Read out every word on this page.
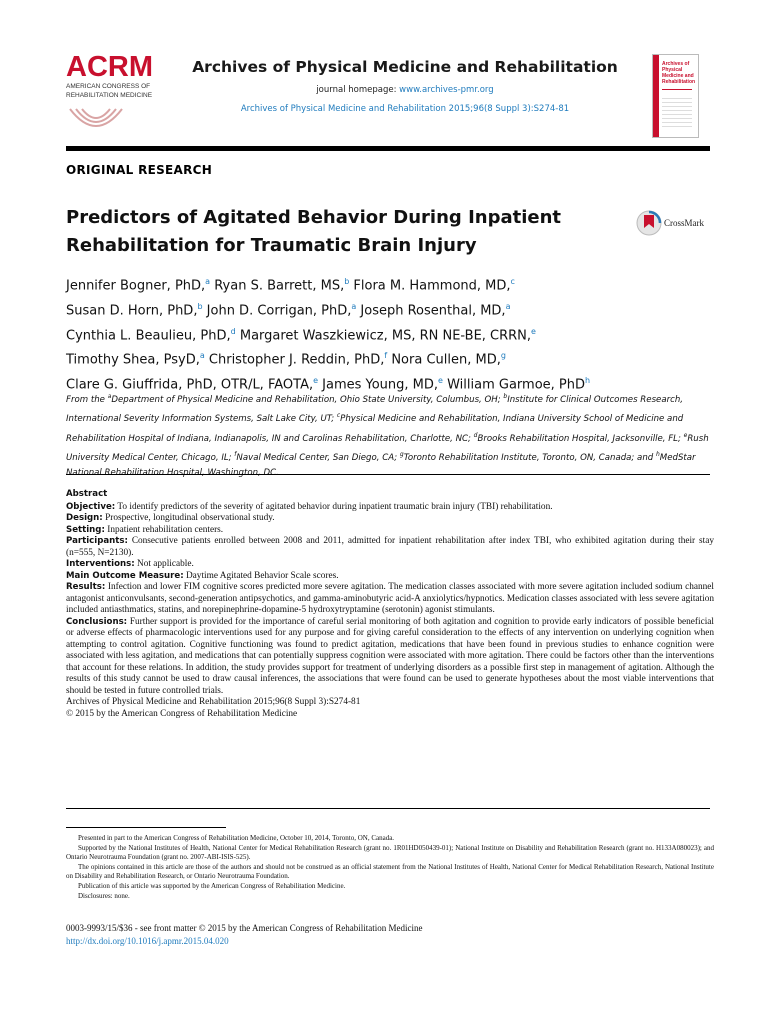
ACRM
AMERICAN CONGRESS OF
REHABILITATION MEDICINE
Archives of Physical Medicine and Rehabilitation
journal homepage: www.archives-pmr.org
Archives of Physical Medicine and Rehabilitation 2015;96(8 Suppl 3):S274-81
Archives of Physical Medicine and Rehabilitation
ORIGINAL RESEARCH
Predictors of Agitated Behavior During Inpatient
Rehabilitation for Traumatic Brain Injury
CrossMark
Jennifer Bogner, PhD,$^a$ Ryan S. Barrett, MS,$^b$ Flora M. Hammond, MD,$^c$
Susan D. Horn, PhD,$^b$ John D. Corrigan, PhD,$^a$ Joseph Rosenthal, MD,$^a$
Cynthia L. Beaulieu, PhD,$^d$ Margaret Waszkiewicz, MS, RN NE-BE, CRRN,$^e$
Timothy Shea, PsyD,$^a$ Christopher J. Reddin, PhD,$^f$ Nora Cullen, MD,$^g$
Clare G. Giuffrida, PhD, OTR/L, FAOTA,$^e$ James Young, MD,$^e$ William Garmoe, PhD$^h$
From the $^a$Department of Physical Medicine and Rehabilitation, Ohio State University, Columbus, OH; $^b$Institute for Clinical Outcomes Research, International Severity Information Systems, Salt Lake City, UT; $^c$Physical Medicine and Rehabilitation, Indiana University School of Medicine and Rehabilitation Hospital of Indiana, Indianapolis, IN and Carolinas Rehabilitation, Charlotte, NC; $^d$Brooks Rehabilitation Hospital, Jacksonville, FL; $^e$Rush University Medical Center, Chicago, IL; $^f$Naval Medical Center, San Diego, CA; $^g$Toronto Rehabilitation Institute, Toronto, ON, Canada; and $^h$MedStar
Abstract

Objective: To identify predictors of the severity of agitated behavior during inpatient traumatic brain injury (TBI) rehabilitation.

Design: Prospective, longitudinal observational study.

Setting: Inpatient rehabilitation centers.

Participants: Consecutive patients enrolled between 2008 and 2011, admitted for inpatient rehabilitation after index TBI, who exhibited agitation during their stay (n=555, N=2130).

Interventions: Not applicable.

Main Outcome Measure: Daytime Agitated Behavior Scale scores.

Results: Infection and lower FIM cognitive scores predicted more severe agitation. The medication classes associated with more severe agitation included sodium channel antagonist anticonvulsants, second-generation antipsychotics, and gamma-aminobutyric acid-A anxiolytics/hypnotics. Medication classes associated with less severe agitation included antiasthmatics, statins, and norepinephrine-dopamine-5 hydroxytryptamine (serotonin) agonist stimulants.

Conclusions: Further support is provided for the importance of careful serial monitoring of both agitation and cognition to provide early indicators of possible beneficial or adverse effects of pharmacologic interventions used for any purpose and for giving careful consideration to the effects of any intervention on underlying cognition when attempting to control agitation. Cognitive functioning was found to predict agitation, medications that have been found in previous studies to enhance cognition were associated with less agitation, and medications that can potentially suppress cognition were associated with more agitation. There could be factors other than the interventions that account for these relations. In addition, the study provides support for treatment of underlying disorders as a possible first step in management of agitation. Although the results of this study cannot be used to draw causal inferences, the associations that were found can be used to generate hypotheses about the most viable interventions that should be tested in future controlled trials.

Archives of Physical Medicine and Rehabilitation 2015;96(8 Suppl 3):S274-81

© 2015 by the American Congress of Rehabilitation Medicine

Presented in part to the American Congress of Rehabilitation Medicine, October 10, 2014, Toronto, ON, Canada.

Supported by the National Institutes of Health, National Center for Medical Rehabilitation Research (grant no. 1R01HD050439-01); National Institute on Disability and Rehabilitation Research (grant no. H133A080023); and Ontario Neurotrauma Foundation (grant no. 2007-ABI-ISIS-525).

The opinions contained in this article are those of the authors and should not be construed as an official statement from the National Institutes of Health, National Center for Medical Rehabilitation Research, National Institute on Disability and Rehabilitation Research, or Ontario Neurotrauma Foundation.

Publication of this article was supported by the American Congress of Rehabilitation Medicine.

Disclosures: none.

0003-9993/15/$36 - see front matter © 2015 by the American Congress of Rehabilitation Medicine
http://dx.doi.org/10.1016/j.apmr.2015.04.020
